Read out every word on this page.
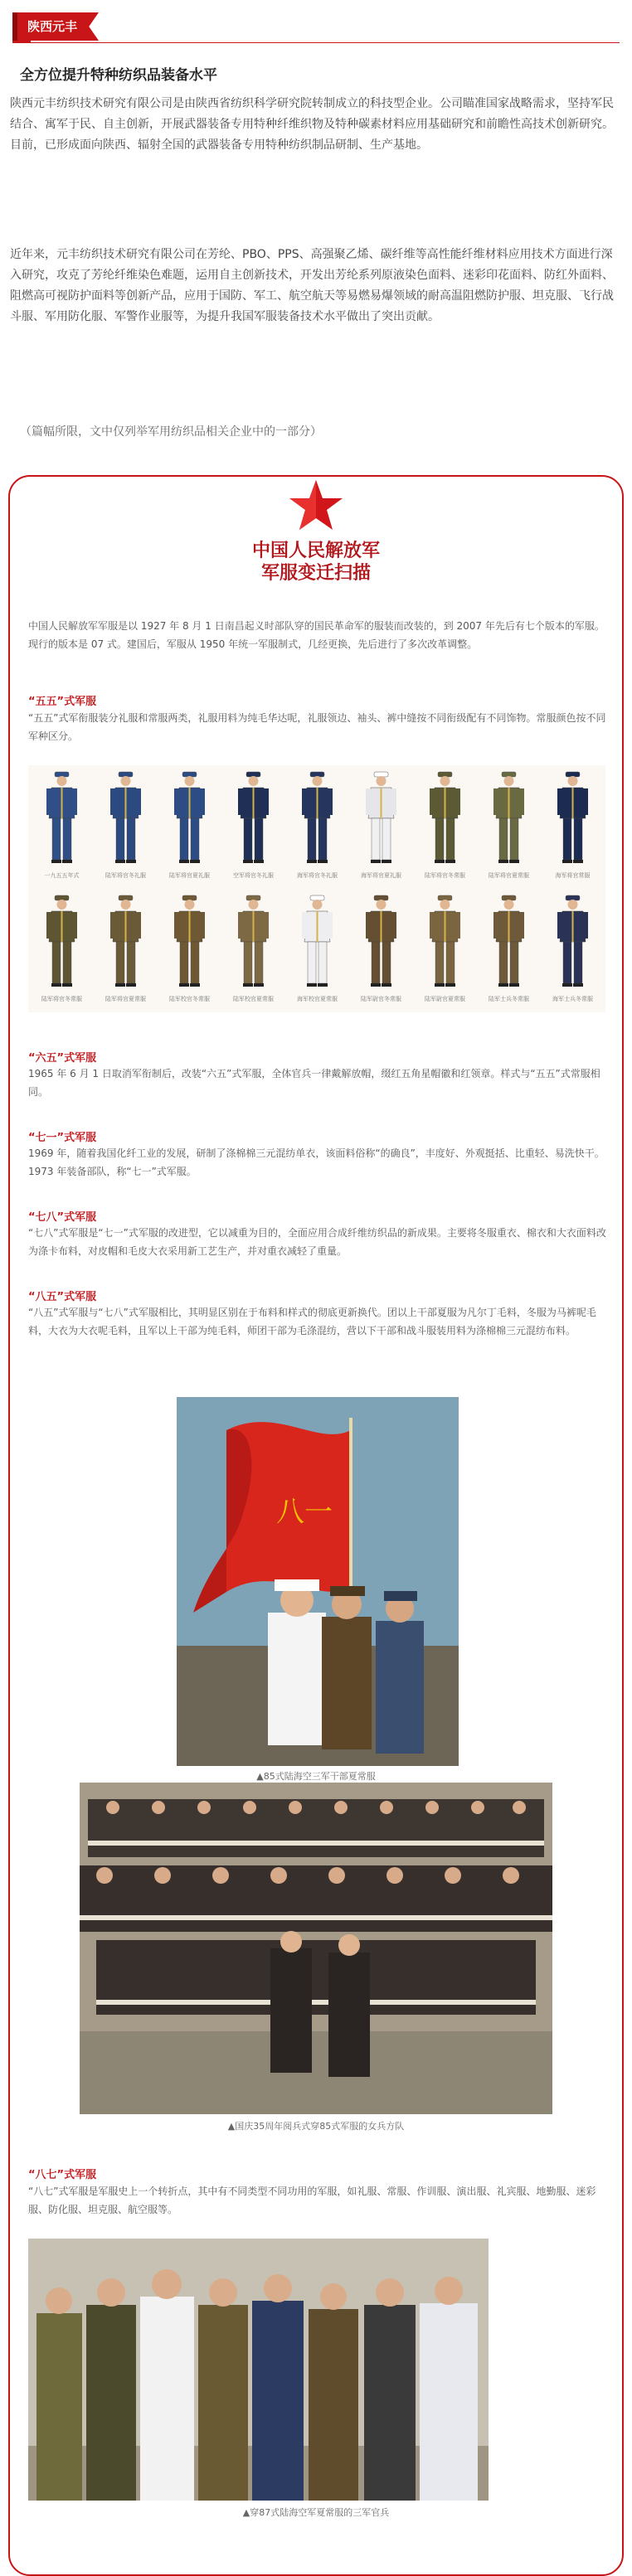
陕西元丰
全方位提升特种纺织品装备水平

陕西元丰纺织技术研究有限公司是由陕西省纺织科学研究院转制成立的科技型企业。公司瞄准国家战略需求，坚持军民结合、寓军于民、自主创新，开展武器装备专用特种纤维织物及特种碳素材料应用基础研究和前瞻性高技术创新研究。目前，已形成面向陕西、辐射全国的武器装备专用特种纺织制品研制、生产基地。

近年来，元丰纺织技术研究有限公司在芳纶、PBO、PPS、高强聚乙烯、碳纤维等高性能纤维材料应用技术方面进行深入研究，攻克了芳纶纤维染色难题，运用自主创新技术，开发出芳纶系列原液染色面料、迷彩印花面料、防红外面料、阻燃高可视防护面料等创新产品，应用于国防、军工、航空航天等易燃易爆领域的耐高温阻燃防护服、坦克服、飞行战斗服、军用防化服、军警作业服等，为提升我国军服装备技术水平做出了突出贡献。

（篇幅所限，文中仅列举军用纺织品相关企业中的一部分）
中国人民解放军
军服变迁扫描

中国人民解放军军服是以 1927 年 8 月 1 日南昌起义时部队穿的国民革命军的服装而改装的，到 2007 年先后有七个版本的军服。现行的版本是 07 式。建国后，军服从 1950 年统一军服制式，几经更换，先后进行了多次改革调整。

“五五”式军服

“五五”式军衔服装分礼服和常服两类，礼服用料为纯毛华达呢，礼服领边、袖头、裤中缝按不同衔级配有不同饰物。常服颜色按不同军种区分。

一九五五年式	陆军将官冬礼服	陆军将官夏礼服	空军将官冬礼服	海军将官冬礼服	海军将官夏礼服	陆军将官冬常服	陆军将官夏常服	海军将官常服
陆军将官冬常服	陆军将官夏常服	陆军校官冬常服	陆军校官夏常服	海军校官夏常服	陆军尉官冬常服	陆军尉官夏常服	陆军士兵冬常服	海军士兵冬常服
“六五”式军服

1965 年 6 月 1 日取消军衔制后，改装“六五”式军服，全体官兵一律戴解放帽，缀红五角星帽徽和红领章。样式与“五五”式常服相同。

“七一”式军服

1969 年，随着我国化纤工业的发展，研制了涤棉棉三元混纺单衣，该面料俗称“的确良”，丰度好、外观挺括、比重轻、易洗快干。1973 年装备部队，称“七一”式军服。

“七八”式军服

“七八”式军服是“七一”式军服的改进型，它以减重为目的，全面应用合成纤维纺织品的新成果。主要将冬服重衣、棉衣和大衣面料改为涤卡布料，对皮帽和毛皮大衣采用新工艺生产，并对重衣减轻了重量。

“八五”式军服

“八五”式军服与“七八”式军服相比，其明显区别在于布料和样式的彻底更新换代。团以上干部夏服为凡尔丁毛料，冬服为马裤呢毛料，大衣为大衣呢毛料，且军以上干部为纯毛料，师团干部为毛涤混纺，营以下干部和战斗服装用料为涤棉棉三元混纺布料。

八一
▲85式陆海空三军干部夏常服
▲国庆35周年阅兵式穿85式军服的女兵方队
“八七”式军服

“八七”式军服是军服史上一个转折点，其中有不同类型不同功用的军服，如礼服、常服、作训服、演出服、礼宾服、地勤服、迷彩服、防化服、坦克服、航空服等。

▲穿87式陆海空军夏常服的三军官兵
